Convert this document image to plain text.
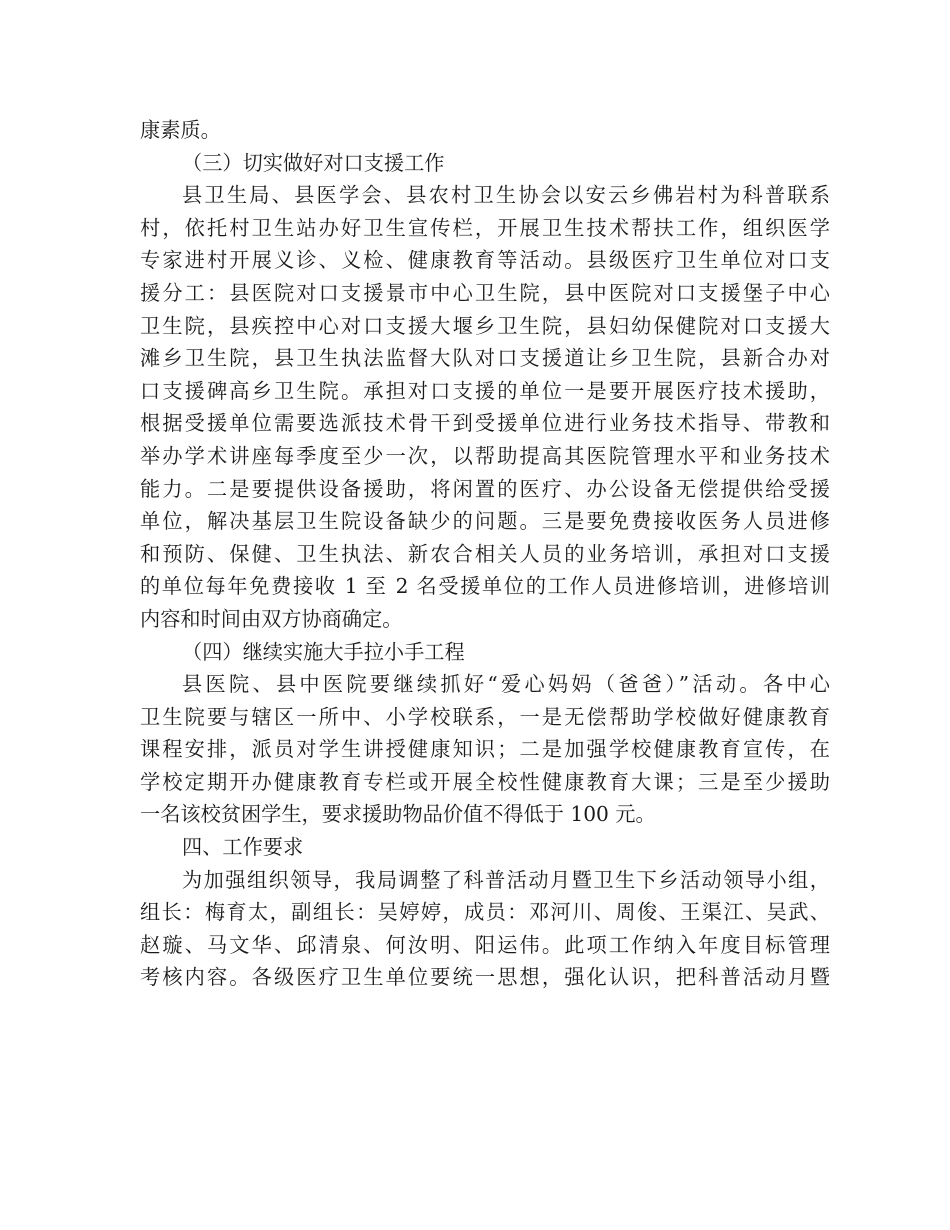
康素质。
（三）切实做好对口支援工作
县卫生局、县医学会、县农村卫生协会以安云乡佛岩村为科普联系
村，依托村卫生站办好卫生宣传栏，开展卫生技术帮扶工作，组织医学
专家进村开展义诊、义检、健康教育等活动。县级医疗卫生单位对口支
援分工：县医院对口支援景市中心卫生院，县中医院对口支援堡子中心
卫生院，县疾控中心对口支援大堰乡卫生院，县妇幼保健院对口支援大
滩乡卫生院，县卫生执法监督大队对口支援道让乡卫生院，县新合办对
口支援碑高乡卫生院。承担对口支援的单位一是要开展医疗技术援助，
根据受援单位需要选派技术骨干到受援单位进行业务技术指导、带教和
举办学术讲座每季度至少一次，以帮助提高其医院管理水平和业务技术
能力。二是要提供设备援助，将闲置的医疗、办公设备无偿提供给受援
单位，解决基层卫生院设备缺少的问题。三是要免费接收医务人员进修
和预防、保健、卫生执法、新农合相关人员的业务培训，承担对口支援
的单位每年免费接收 1 至 2 名受援单位的工作人员进修培训，进修培训
内容和时间由双方协商确定。
（四）继续实施大手拉小手工程
县医院、县中医院要继续抓好“爱心妈妈（爸爸）”活动。各中心
卫生院要与辖区一所中、小学校联系，一是无偿帮助学校做好健康教育
课程安排，派员对学生讲授健康知识；二是加强学校健康教育宣传，在
学校定期开办健康教育专栏或开展全校性健康教育大课；三是至少援助
一名该校贫困学生，要求援助物品价值不得低于 100 元。
四、工作要求
为加强组织领导，我局调整了科普活动月暨卫生下乡活动领导小组，
组长：梅育太，副组长：吴婷婷，成员：邓河川、周俊、王渠江、吴武、
赵璇、马文华、邱清泉、何汝明、阳运伟。此项工作纳入年度目标管理
考核内容。各级医疗卫生单位要统一思想，强化认识，把科普活动月暨
